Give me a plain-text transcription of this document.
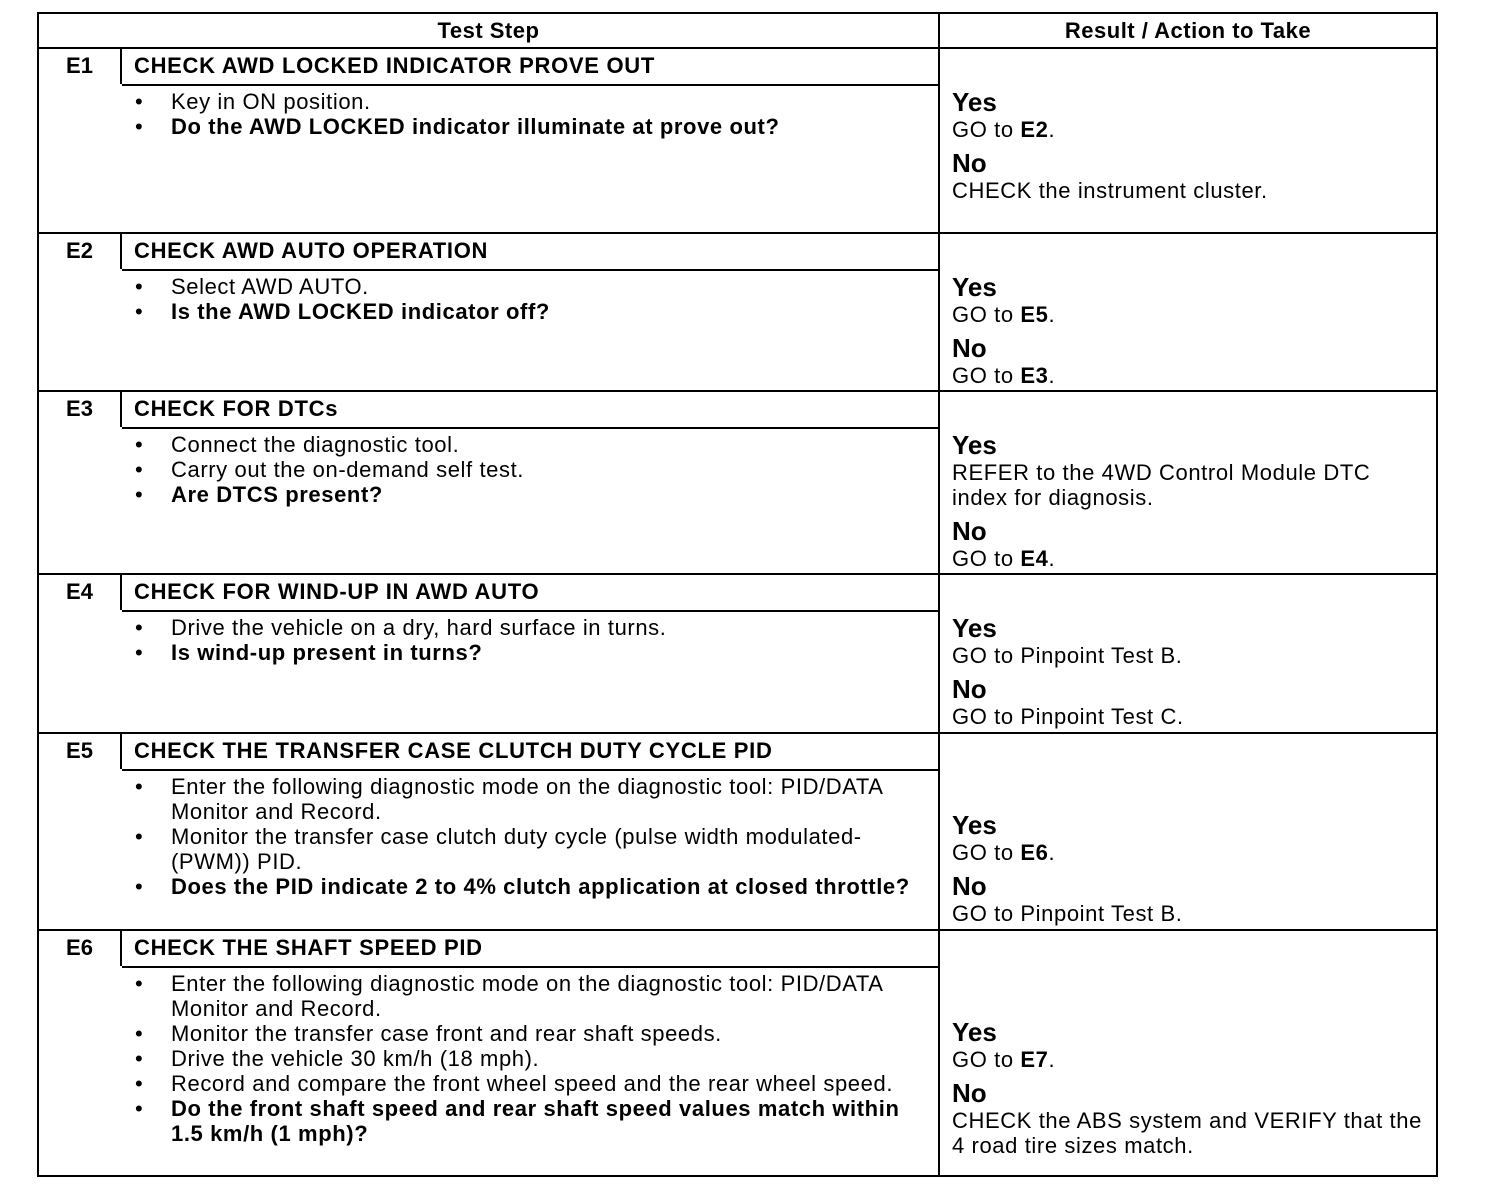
Test Step	Result / Action to Take
E1	CHECK AWD LOCKED INDICATOR PROVE OUT
• Key in ON position.
• Do the AWD LOCKED indicator illuminate at prove out?
Yes
GO to E2.
No
CHECK the instrument cluster.
E2	CHECK AWD AUTO OPERATION
• Select AWD AUTO.
• Is the AWD LOCKED indicator off?
Yes
GO to E5.
No
GO to E3.
E3	CHECK FOR DTCs
• Connect the diagnostic tool.
• Carry out the on-demand self test.
• Are DTCS present?
Yes
REFER to the 4WD Control Module DTC index for diagnosis.
No
GO to E4.
E4	CHECK FOR WIND-UP IN AWD AUTO
• Drive the vehicle on a dry, hard surface in turns.
• Is wind-up present in turns?
Yes
GO to Pinpoint Test B.
No
GO to Pinpoint Test C.
E5	CHECK THE TRANSFER CASE CLUTCH DUTY CYCLE PID
• Enter the following diagnostic mode on the diagnostic tool: PID/DATA Monitor and Record.
• Monitor the transfer case clutch duty cycle (pulse width modulated-(PWM)) PID.
• Does the PID indicate 2 to 4% clutch application at closed throttle?
Yes
GO to E6.
No
GO to Pinpoint Test B.
E6	CHECK THE SHAFT SPEED PID
• Enter the following diagnostic mode on the diagnostic tool: PID/DATA Monitor and Record.
• Monitor the transfer case front and rear shaft speeds.
• Drive the vehicle 30 km/h (18 mph).
• Record and compare the front wheel speed and the rear wheel speed.
• Do the front shaft speed and rear shaft speed values match within 1.5 km/h (1 mph)?
Yes
GO to E7.
No
CHECK the ABS system and VERIFY that the 4 road tire sizes match.
